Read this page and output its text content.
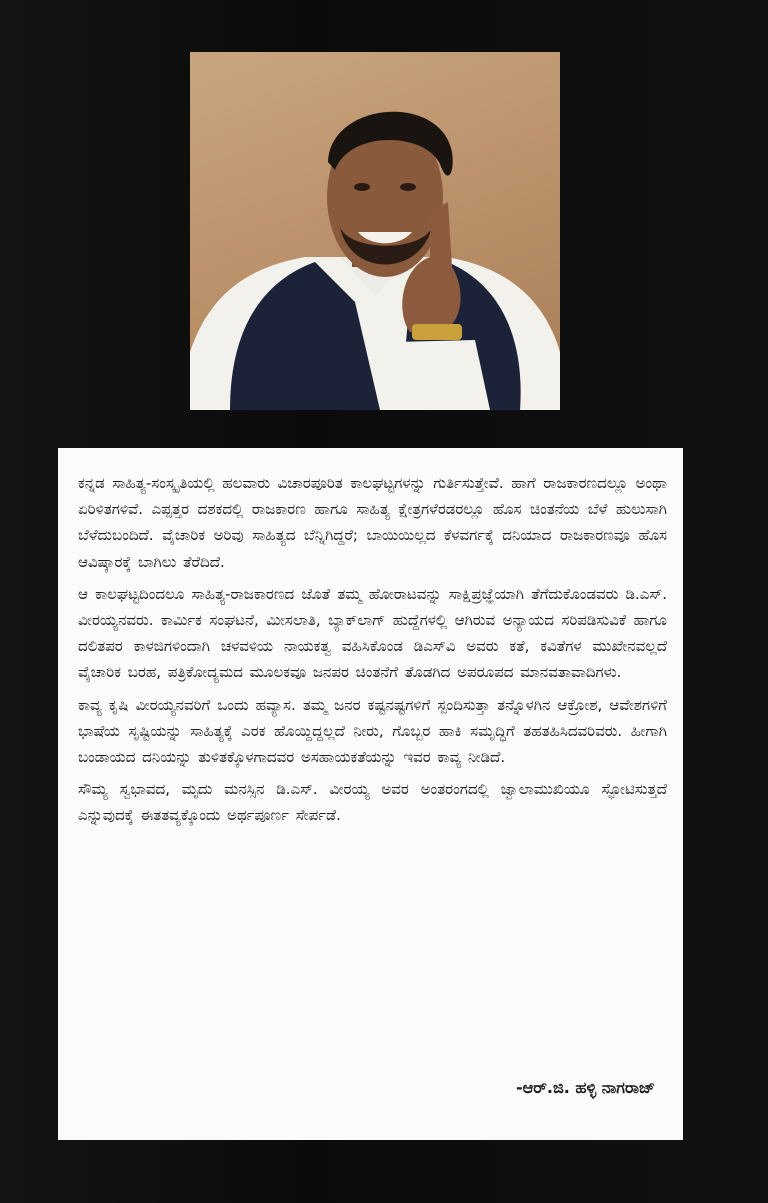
ಕನ್ನಡ ಸಾಹಿತ್ಯ-ಸಂಸ್ಕೃತಿಯಲ್ಲಿ ಹಲವಾರು ವಿಚಾರಪೂರಿತ ಕಾಲಘಟ್ಟಗಳನ್ನು ಗುರ್ತಿಸುತ್ತೇವೆ. ಹಾಗೆ ರಾಜಕಾರಣದಲ್ಲೂ ಅಂಥಾ ಏರಿಳಿತಗಳಿವೆ. ಎಪ್ಪತ್ತರ ದಶಕದಲ್ಲಿ ರಾಜಕಾರಣ ಹಾಗೂ ಸಾಹಿತ್ಯ ಕ್ಷೇತ್ರಗಳೆರಡರಲ್ಲೂ ಹೊಸ ಚಿಂತನೆಯ ಬೆಳೆ ಹುಲುಸಾಗಿ ಬೆಳೆದುಬಂದಿದೆ. ವೈಚಾರಿಕ ಅರಿವು ಸಾಹಿತ್ಯದ ಬೆನ್ನಿಗಿದ್ದರೆ; ಬಾಯಿಯಿಲ್ಲದ ಕೆಳವರ್ಗಕ್ಕೆ ದನಿಯಾದ ರಾಜಕಾರಣವೂ ಹೊಸ ಆವಿಷ್ಕಾರಕ್ಕೆ ಬಾಗಿಲು ತೆರೆದಿದೆ.

ಆ ಕಾಲಘಟ್ಟದಿಂದಲೂ ಸಾಹಿತ್ಯ-ರಾಜಕಾರಣದ ಜೊತೆ ತಮ್ಮ ಹೋರಾಟವನ್ನು ಸಾಕ್ಷಿಪ್ರಜ್ಞೆಯಾಗಿ ತೆಗೆದುಕೊಂಡವರು ಡಿ.ಎಸ್. ವೀರಯ್ಯನವರು. ಕಾರ್ಮಿಕ ಸಂಘಟನೆ, ಮೀಸಲಾತಿ, ಬ್ಯಾಕ್‌ಲಾಗ್ ಹುದ್ದೆಗಳಲ್ಲಿ ಆಗಿರುವ ಅನ್ಯಾಯದ ಸರಿಪಡಿಸುವಿಕೆ ಹಾಗೂ ದಲಿತಪರ ಕಾಳಜಿಗಳಿಂದಾಗಿ ಚಳವಳಿಯ ನಾಯಕತ್ವ ವಹಿಸಿಕೊಂಡ ಡಿಎಸ್‌ವಿ ಅವರು ಕತೆ, ಕವಿತೆಗಳ ಮುಖೇನವಲ್ಲದೆ ವೈಚಾರಿಕ ಬರಹ, ಪತ್ರಿಕೋದ್ಯಮದ ಮೂಲಕವೂ ಜನಪರ ಚಿಂತನೆಗೆ ತೊಡಗಿದ ಅಪರೂಪದ ಮಾನವತಾವಾದಿಗಳು.

ಕಾವ್ಯ ಕೃಷಿ ವೀರಯ್ಯನವರಿಗೆ ಒಂದು ಹವ್ಯಾಸ. ತಮ್ಮ ಜನರ ಕಷ್ಟನಷ್ಟಗಳಿಗೆ ಸ್ಪಂದಿಸುತ್ತಾ ತನ್ನೊಳಗಿನ ಆಕ್ರೋಶ, ಆವೇಶಗಳಿಗೆ ಭಾಷೆಯ ಸೃಷ್ಟಿಯನ್ನು ಸಾಹಿತ್ಯಕ್ಕೆ ಎರಕ ಹೊಯ್ದಿದ್ದಲ್ಲದೆ ನೀರು, ಗೊಬ್ಬರ ಹಾಕಿ ಸಮೃದ್ಧಿಗೆ ತಹತಹಿಸಿದವರಿವರು. ಹೀಗಾಗಿ ಬಂಡಾಯದ ದನಿಯನ್ನು ತುಳಿತಕ್ಕೊಳಗಾದವರ ಅಸಹಾಯಕತೆಯನ್ನು ಇವರ ಕಾವ್ಯ ನೀಡಿದೆ.

ಸೌಮ್ಯ ಸ್ವಭಾವದ, ಮೃದು ಮನಸ್ಸಿನ ಡಿ.ಎಸ್. ವೀರಯ್ಯ ಅವರ ಅಂತರಂಗದಲ್ಲಿ ಜ್ವಾಲಾಮುಖಿಯೂ ಸ್ಫೋಟಿಸುತ್ತದೆ ಎನ್ನುವುದಕ್ಕೆ ಈತತವ್ಯಕ್ಕೊಂದು ಅರ್ಥಪೂರ್ಣ ಸೇರ್ಪಡೆ.

-ಆರ್.ಜಿ. ಹಳ್ಳಿ ನಾಗರಾಜ್
